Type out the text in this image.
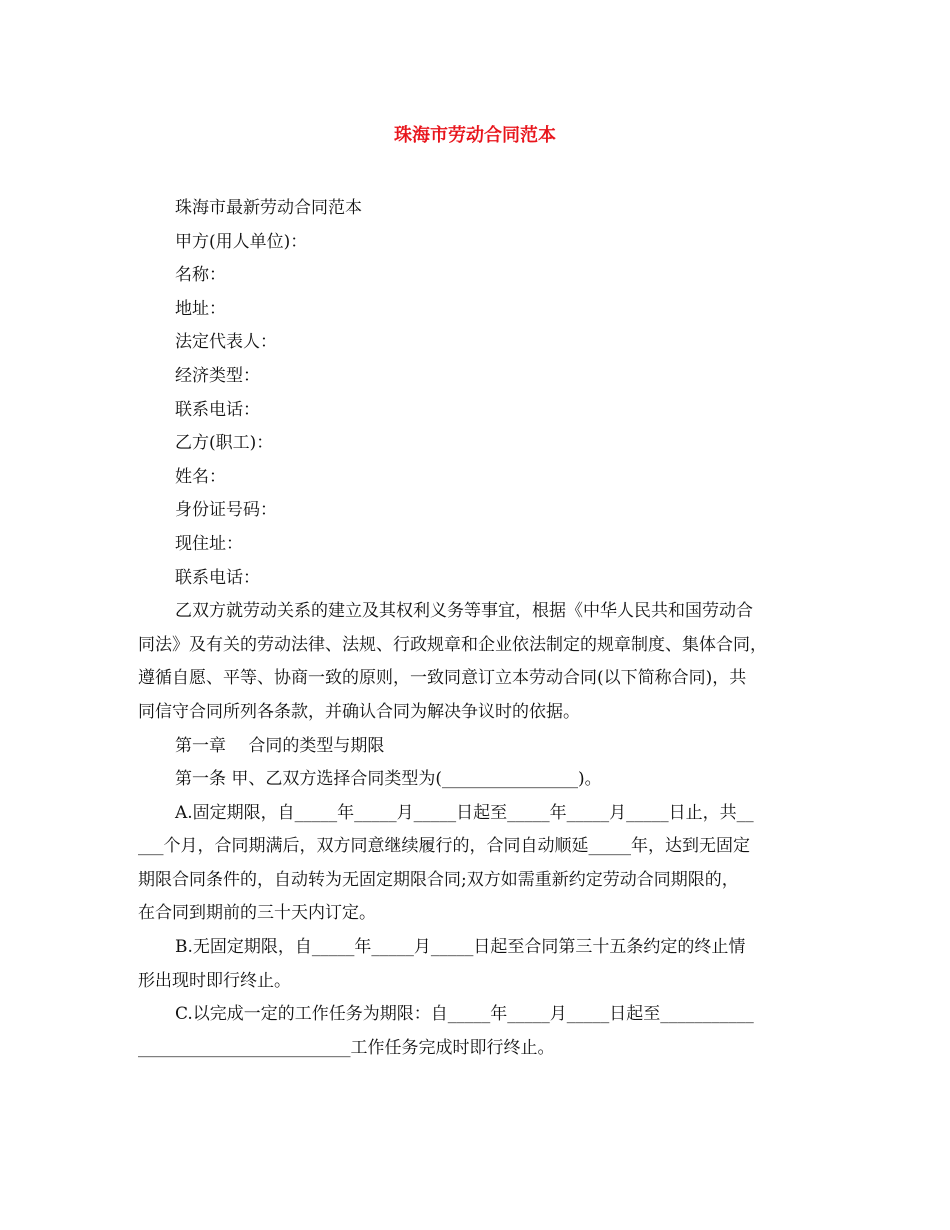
珠海市劳动合同范本
珠海市最新劳动合同范本
甲方(用人单位)：
名称：
地址：
法定代表人：
经济类型：
联系电话：
乙方(职工)：
姓名：
身份证号码：
现住址：
联系电话：
乙双方就劳动关系的建立及其权利义务等事宜，根据《中华人民共和国劳动合
同法》及有关的劳动法律、法规、行政规章和企业依法制定的规章制度、集体合同，
遵循自愿、平等、协商一致的原则，一致同意订立本劳动合同(以下简称合同)，共
同信守合同所列各条款，并确认合同为解决争议时的依据。
第一章　 合同的类型与期限
第一条 甲、乙双方选择合同类型为(________________)。
A.固定期限，自_____年_____月_____日起至_____年_____月_____日止，共__
___个月，合同期满后，双方同意继续履行的，合同自动顺延_____年，达到无固定
期限合同条件的，自动转为无固定期限合同;双方如需重新约定劳动合同期限的，
在合同到期前的三十天内订定。
B.无固定期限，自_____年_____月_____日起至合同第三十五条约定的终止情
形出现时即行终止。
C.以完成一定的工作任务为期限：自_____年_____月_____日起至___________
_________________________工作任务完成时即行终止。
